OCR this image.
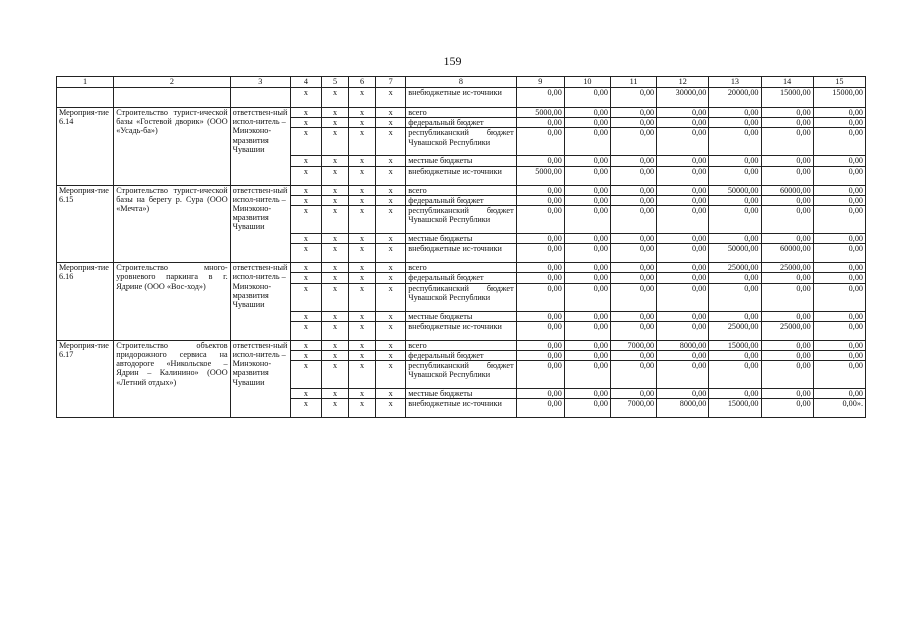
159
1	2	3	4	5	6	7	8	9	10	11	12	13	14	15
			x	x	x	x	внебюджетные ис-точники	0,00	0,00	0,00	30000,00	20000,00	15000,00	15000,00
Мероприя-тие 6.14	Строительство турист-ической базы «Гостевой дворик» (ООО «Усадь-ба»)	ответствен-ный испол-нитель – Минэконо-мразвития Чувашии	x	x	x	x	всего	5000,00	0,00	0,00	0,00	0,00	0,00	0,00
			x	x	x	x	федеральный бюджет	0,00	0,00	0,00	0,00	0,00	0,00	0,00
			x	x	x	x	республиканский бюджет Чувашской Республики	0,00	0,00	0,00	0,00	0,00	0,00	0,00
			x	x	x	x	местные бюджеты	0,00	0,00	0,00	0,00	0,00	0,00	0,00
			x	x	x	x	внебюджетные ис-точники	5000,00	0,00	0,00	0,00	0,00	0,00	0,00
Мероприя-тие 6.15	Строительство турист-ической базы на берегу р. Сура (ООО «Мечта»)	ответствен-ный испол-нитель – Минэконо-мразвития Чувашии	x	x	x	x	всего	0,00	0,00	0,00	0,00	50000,00	60000,00	0,00
			x	x	x	x	федеральный бюджет	0,00	0,00	0,00	0,00	0,00	0,00	0,00
			x	x	x	x	республиканский бюджет Чувашской Республики	0,00	0,00	0,00	0,00	0,00	0,00	0,00
			x	x	x	x	местные бюджеты	0,00	0,00	0,00	0,00	0,00	0,00	0,00
			x	x	x	x	внебюджетные ис-точники	0,00	0,00	0,00	0,00	50000,00	60000,00	0,00
Мероприя-тие 6.16	Строительство много-уровневого паркинга в г. Ядрине (ООО «Вос-ход»)	ответствен-ный испол-нитель – Минэконо-мразвития Чувашии	x	x	x	x	всего	0,00	0,00	0,00	0,00	25000,00	25000,00	0,00
			x	x	x	x	федеральный бюджет	0,00	0,00	0,00	0,00	0,00	0,00	0,00
			x	x	x	x	республиканский бюджет Чувашской Республики	0,00	0,00	0,00	0,00	0,00	0,00	0,00
			x	x	x	x	местные бюджеты	0,00	0,00	0,00	0,00	0,00	0,00	0,00
			x	x	x	x	внебюджетные ис-точники	0,00	0,00	0,00	0,00	25000,00	25000,00	0,00
Мероприя-тие 6.17	Строительство объектов придорожного сервиса на автодороге «Никольское – Ядрин – Калинино» (ООО «Летний отдых»)	ответствен-ный испол-нитель – Минэконо-мразвития Чувашии	x	x	x	x	всего	0,00	0,00	7000,00	8000,00	15000,00	0,00	0,00
			x	x	x	x	федеральный бюджет	0,00	0,00	0,00	0,00	0,00	0,00	0,00
			x	x	x	x	республиканский бюджет Чувашской Республики	0,00	0,00	0,00	0,00	0,00	0,00	0,00
			x	x	x	x	местные бюджеты	0,00	0,00	0,00	0,00	0,00	0,00	0,00
			x	x	x	x	внебюджетные ис-точники	0,00	0,00	7000,00	8000,00	15000,00	0,00	0,00».
